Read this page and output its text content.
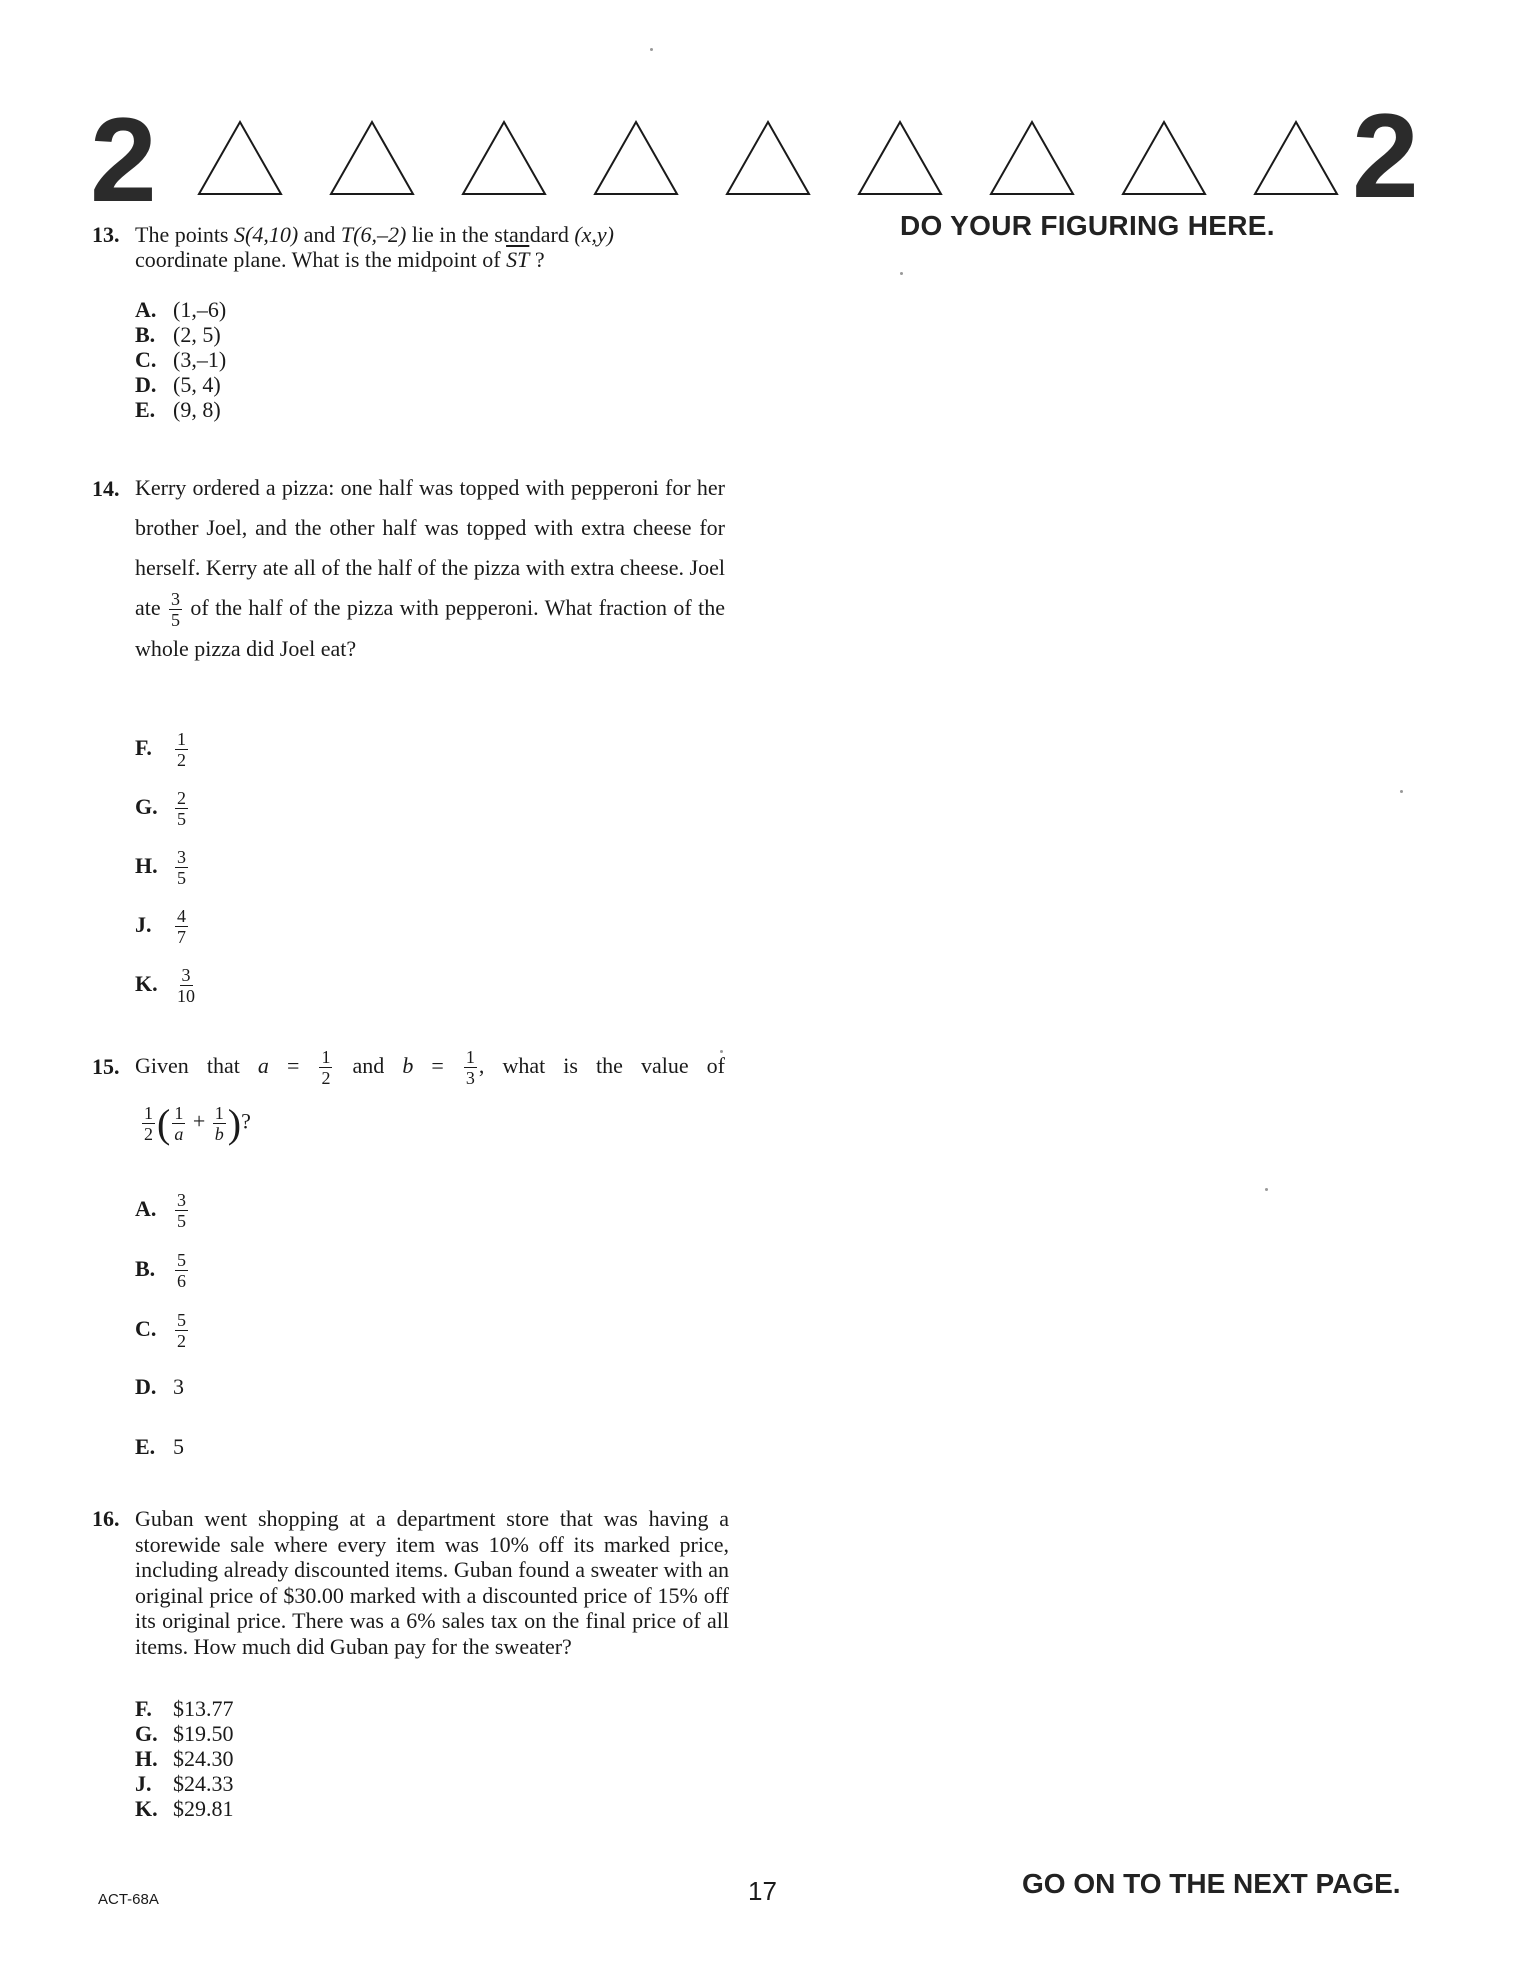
2	2
DO YOUR FIGURING HERE.
13. The points S(4,10) and T(6,–2) lie in the standard (x,y)
coordinate plane. What is the midpoint of $\overline{ST}$ ?
A. (1,–6)
B. (2, 5)
C. (3,–1)
D. (5, 4)
E. (9, 8)
14. Kerry ordered a pizza: one half was topped with pepperoni for her brother Joel, and the other half was topped with extra cheese for herself. Kerry ate all of the half of the pizza with extra cheese. Joel ate $\frac{3}{5}$ of the half of the pizza with pepperoni. What fraction of the whole pizza did Joel eat?
F. $\frac{1}{2}$
G. $\frac{2}{5}$
H. $\frac{3}{5}$
J. $\frac{4}{7}$
K. $\frac{3}{10}$
15. Given that $a = \frac{1}{2}$ and $b = \frac{1}{3}$ , what is the value of
$\frac{1}{2}$ ( $\frac{1}{a} + \frac{1}{b}$ )?
A. $\frac{3}{5}$
B. $\frac{5}{6}$
C. $\frac{5}{2}$
D. 3
E. 5
16. Guban went shopping at a department store that was having a storewide sale where every item was 10% off its marked price, including already discounted items. Guban found a sweater with an original price of $30.00 marked with a discounted price of 15% off its original price. There was a 6% sales tax on the final price of all items. How much did Guban pay for the sweater?
F. $13.77
G. $19.50
H. $24.30
J. $24.33
K. $29.81
ACT-68A	17	GO ON TO THE NEXT PAGE.
